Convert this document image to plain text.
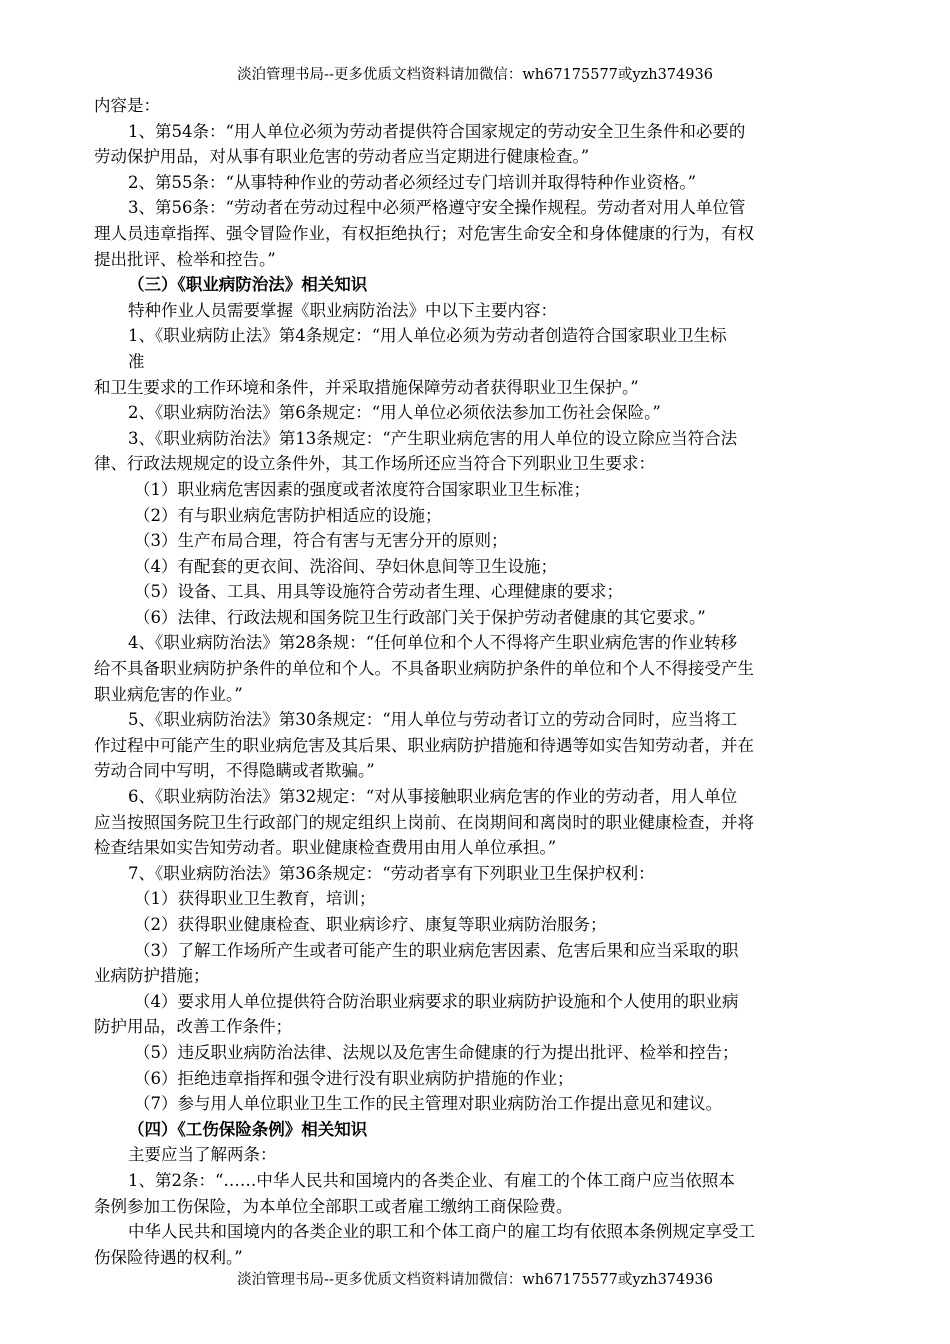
淡泊管理书局--更多优质文档资料请加微信：wh67175577或yzh374936
内容是：
1、第54条：“用人单位必须为劳动者提供符合国家规定的劳动安全卫生条件和必要的
劳动保护用品，对从事有职业危害的劳动者应当定期进行健康检查。”
2、第55条：“从事特种作业的劳动者必须经过专门培训并取得特种作业资格。”
3、第56条：“劳动者在劳动过程中必须严格遵守安全操作规程。劳动者对用人单位管
理人员违章指挥、强令冒险作业，有权拒绝执行；对危害生命安全和身体健康的行为，有权
提出批评、检举和控告。”
（三）《职业病防治法》相关知识
特种作业人员需要掌握《职业病防治法》中以下主要内容：
1、《职业病防止法》第4条规定：“用人单位必须为劳动者创造符合国家职业卫生标
准
和卫生要求的工作环境和条件，并采取措施保障劳动者获得职业卫生保护。”
2、《职业病防治法》第6条规定：“用人单位必须依法参加工伤社会保险。”
3、《职业病防治法》第13条规定：“产生职业病危害的用人单位的设立除应当符合法
律、行政法规规定的设立条件外，其工作场所还应当符合下列职业卫生要求：
（1）职业病危害因素的强度或者浓度符合国家职业卫生标准；
（2）有与职业病危害防护相适应的设施；
（3）生产布局合理，符合有害与无害分开的原则；
（4）有配套的更衣间、洗浴间、孕妇休息间等卫生设施；
（5）设备、工具、用具等设施符合劳动者生理、心理健康的要求；
（6）法律、行政法规和国务院卫生行政部门关于保护劳动者健康的其它要求。”
4、《职业病防治法》第28条规：“任何单位和个人不得将产生职业病危害的作业转移
给不具备职业病防护条件的单位和个人。不具备职业病防护条件的单位和个人不得接受产生
职业病危害的作业。”
5、《职业病防治法》第30条规定：“用人单位与劳动者订立的劳动合同时，应当将工
作过程中可能产生的职业病危害及其后果、职业病防护措施和待遇等如实告知劳动者，并在
劳动合同中写明，不得隐瞒或者欺骗。”
6、《职业病防治法》第32规定：“对从事接触职业病危害的作业的劳动者，用人单位
应当按照国务院卫生行政部门的规定组织上岗前、在岗期间和离岗时的职业健康检查，并将
检查结果如实告知劳动者。职业健康检查费用由用人单位承担。”
7、《职业病防治法》第36条规定：“劳动者享有下列职业卫生保护权利：
（1）获得职业卫生教育，培训；
（2）获得职业健康检查、职业病诊疗、康复等职业病防治服务；
（3）了解工作场所产生或者可能产生的职业病危害因素、危害后果和应当采取的职
业病防护措施；
（4）要求用人单位提供符合防治职业病要求的职业病防护设施和个人使用的职业病
防护用品，改善工作条件；
（5）违反职业病防治法律、法规以及危害生命健康的行为提出批评、检举和控告；
（6）拒绝违章指挥和强令进行没有职业病防护措施的作业；
（7）参与用人单位职业卫生工作的民主管理对职业病防治工作提出意见和建议。
（四）《工伤保险条例》相关知识
主要应当了解两条：
1、第2条：“……中华人民共和国境内的各类企业、有雇工的个体工商户应当依照本
条例参加工伤保险，为本单位全部职工或者雇工缴纳工商保险费。
中华人民共和国境内的各类企业的职工和个体工商户的雇工均有依照本条例规定享受工
伤保险待遇的权利。”
淡泊管理书局--更多优质文档资料请加微信：wh67175577或yzh374936
